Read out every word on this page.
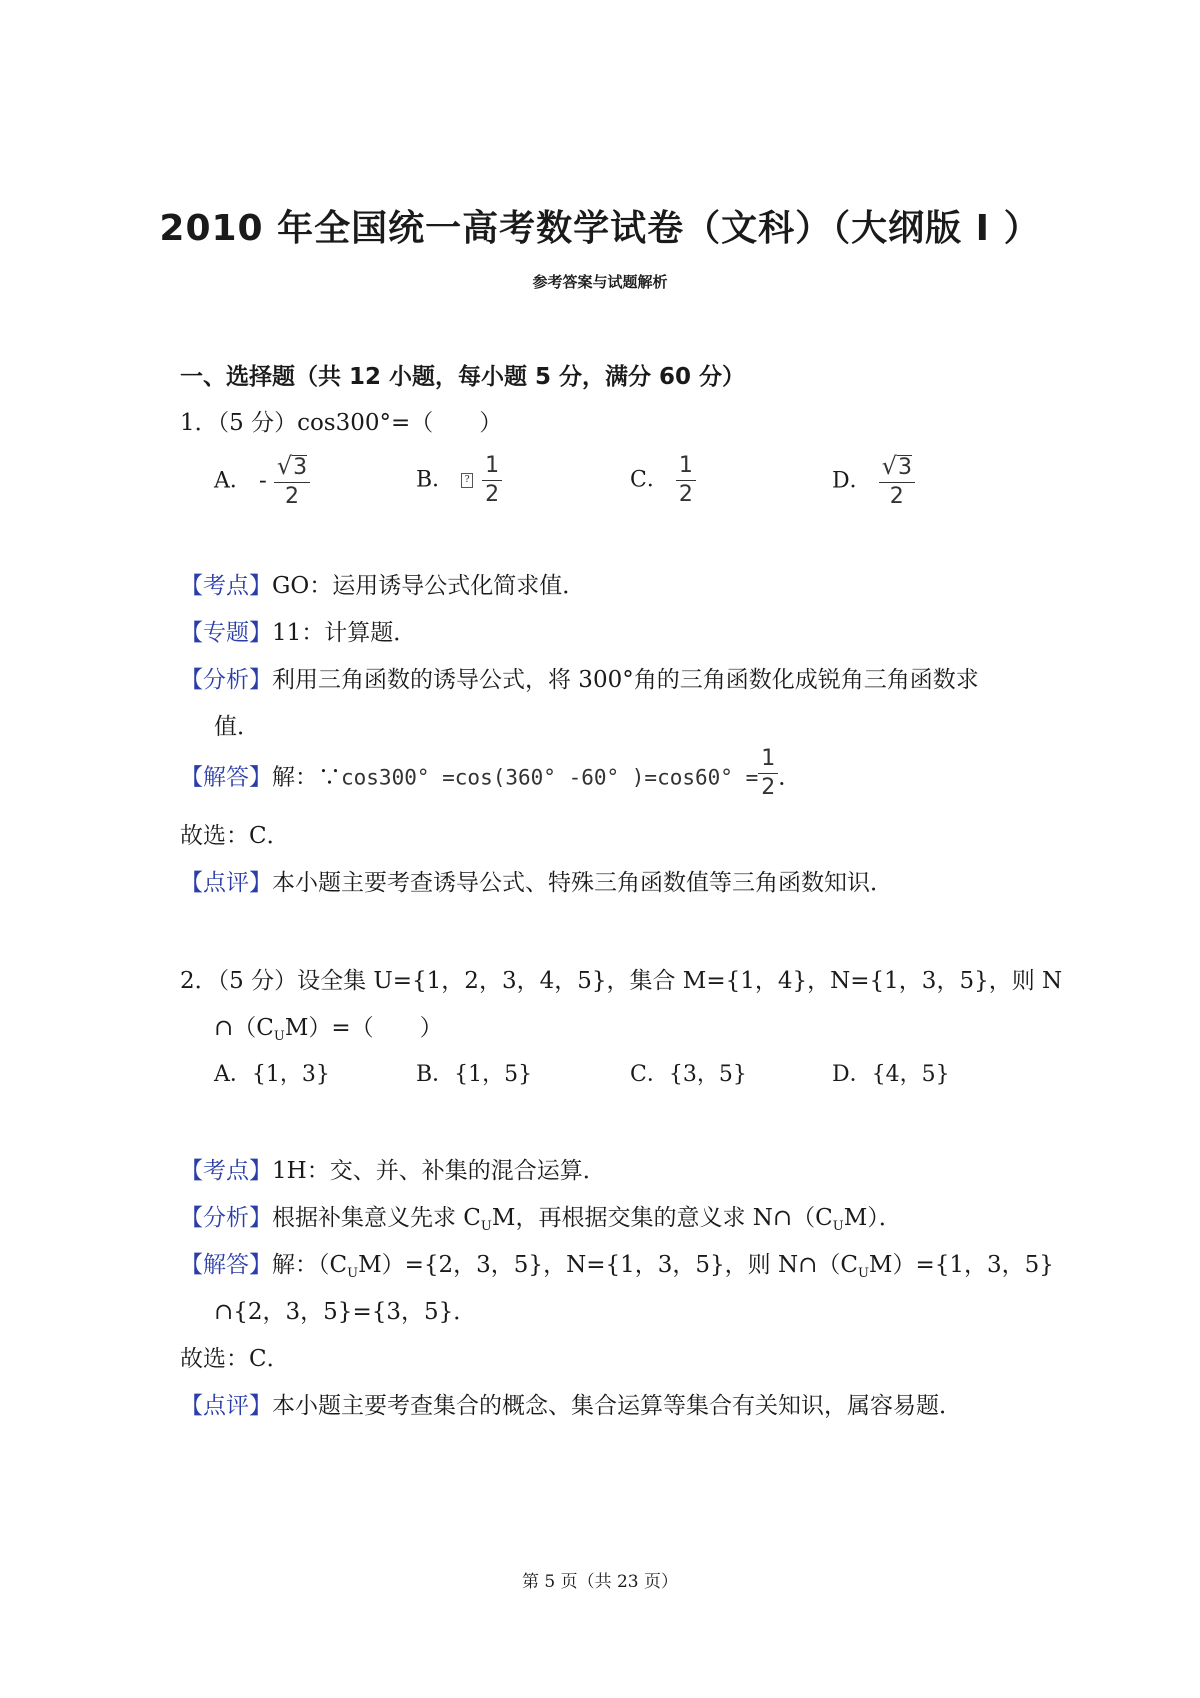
2010 年全国统一高考数学试卷（文科）（大纲版 I ）
参考答案与试题解析
一、选择题（共 12 小题，每小题 5 分，满分 60 分）
1．（5 分）cos300°=（　　）
A． - $\frac{√3}{2}$	B． ? $\frac{1}{2}$	C． $\frac{1}{2}$	D． $\frac{√3}{2}$
【考点】GO：运用诱导公式化简求值．
【专题】11：计算题．
【分析】利用三角函数的诱导公式，将 300°角的三角函数化成锐角三角函数求
值．
【解答】解：∵cos300° =cos(360° -60° )$=\cos 60^\circ = \frac{1}{2}$ ．
故选：C．
【点评】本小题主要考查诱导公式、特殊三角函数值等三角函数知识．
2．（5 分）设全集 U={1，2，3，4，5}，集合 M={1，4}，N={1，3，5}，则 N
$\cap(C_UM)=$（　　）
A．{1，3}	B．{1，5}	C．{3，5}	D．{4，5}
【考点】1H：交、并、补集的混合运算．
【分析】根据补集意义先求 $C_UM$，再根据交集的意义求 $N\cap(C_UM)$．
【解答】解：$(C_UM)=\{2$，3，5}，N={1，3，5}，则 $N\cap(C_UM)=\{1$，3，5}
∩{2，3，5}={3，5}．
故选：C．
【点评】本小题主要考查集合的概念、集合运算等集合有关知识，属容易题．
第 5 页（共 23 页）
